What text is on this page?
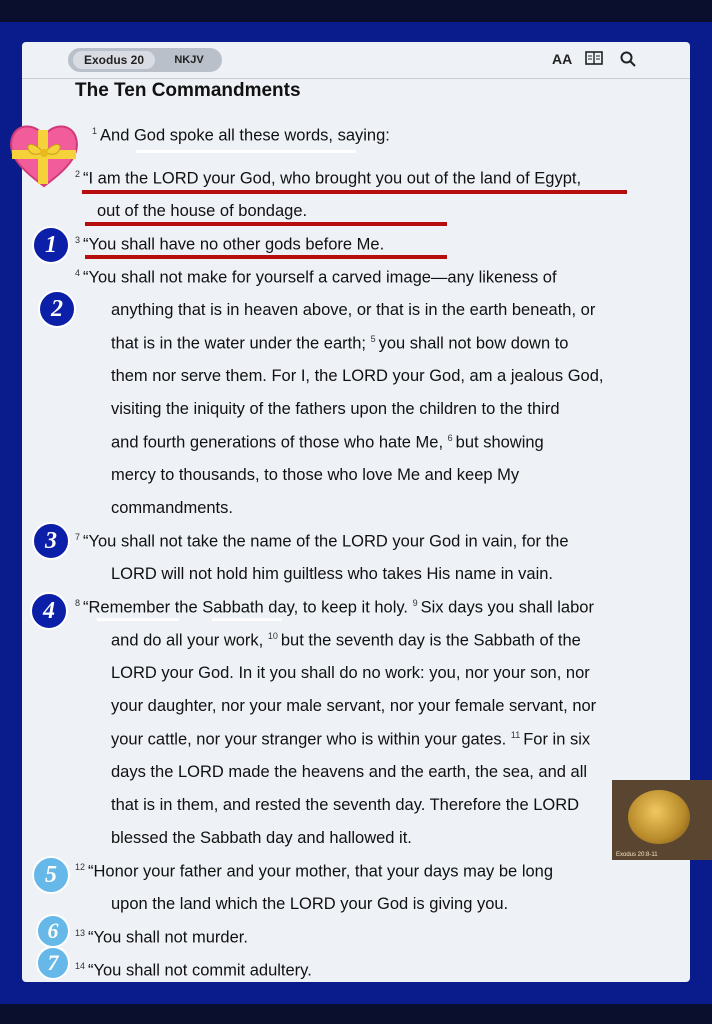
Exodus 20	NKJV	AA
The Ten Commandments
$^1$ And God spoke all these words, saying:
$^2$ “I am the LORD your God, who brought you out of the land of Egypt,
out of the house of bondage.
$^3$ “You shall have no other gods before Me.
$^4$ “You shall not make for yourself a carved image—any likeness of
anything that is in heaven above, or that is in the earth beneath, or
that is in the water under the earth; $^5$ you shall not bow down to
them nor serve them. For I, the LORD your God, am a jealous God,
visiting the iniquity of the fathers upon the children to the third
and fourth generations of those who hate Me, $^6$ but showing
mercy to thousands, to those who love Me and keep My
commandments.
$^7$ “You shall not take the name of the LORD your God in vain, for the
LORD will not hold him guiltless who takes His name in vain.
$^8$ “Remember the Sabbath day, to keep it holy. $^9$ Six days you shall labor
and do all your work, $^{10}$ but the seventh day is the Sabbath of the
LORD your God. In it you shall do no work: you, nor your son, nor
your daughter, nor your male servant, nor your female servant, nor
your cattle, nor your stranger who is within your gates. $^{11}$ For in six
days the LORD made the heavens and the earth, the sea, and all
that is in them, and rested the seventh day. Therefore the LORD
blessed the Sabbath day and hallowed it.
$^{12}$ “Honor your father and your mother, that your days may be long
upon the land which the LORD your God is giving you.
$^{13}$ “You shall not murder.
$^{14}$ “You shall not commit adultery.
1
2
3
4
5
6
7
Exodus 20:8-11
